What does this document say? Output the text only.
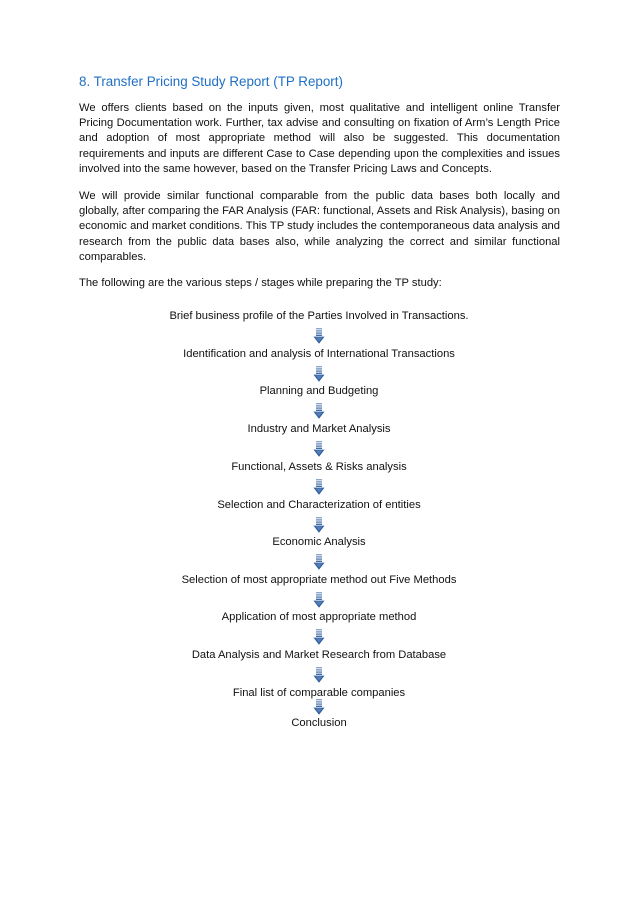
8. Transfer Pricing Study Report (TP Report)

We offers clients based on the inputs given, most qualitative and intelligent online Transfer Pricing Documentation work. Further, tax advise and consulting on fixation of Arm’s Length Price and adoption of most appropriate method will also be suggested. This documentation requirements and inputs are different Case to Case depending upon the complexities and issues involved into the same however, based on the Transfer Pricing Laws and Concepts.

We will provide similar functional comparable from the public data bases both locally and globally, after comparing the FAR Analysis (FAR: functional, Assets and Risk Analysis), basing on economic and market conditions. This TP study includes the contemporaneous data analysis and research from the public data bases also, while analyzing the correct and similar functional comparables.

The following are the various steps / stages while preparing the TP study:

Brief business profile of the Parties Involved in Transactions.
Identification and analysis of International Transactions
Planning and Budgeting
Industry and Market Analysis
Functional, Assets & Risks analysis
Selection and Characterization of entities
Economic Analysis
Selection of most appropriate method out Five Methods
Application of most appropriate method
Data Analysis and Market Research from Database
Final list of comparable companies
Conclusion
